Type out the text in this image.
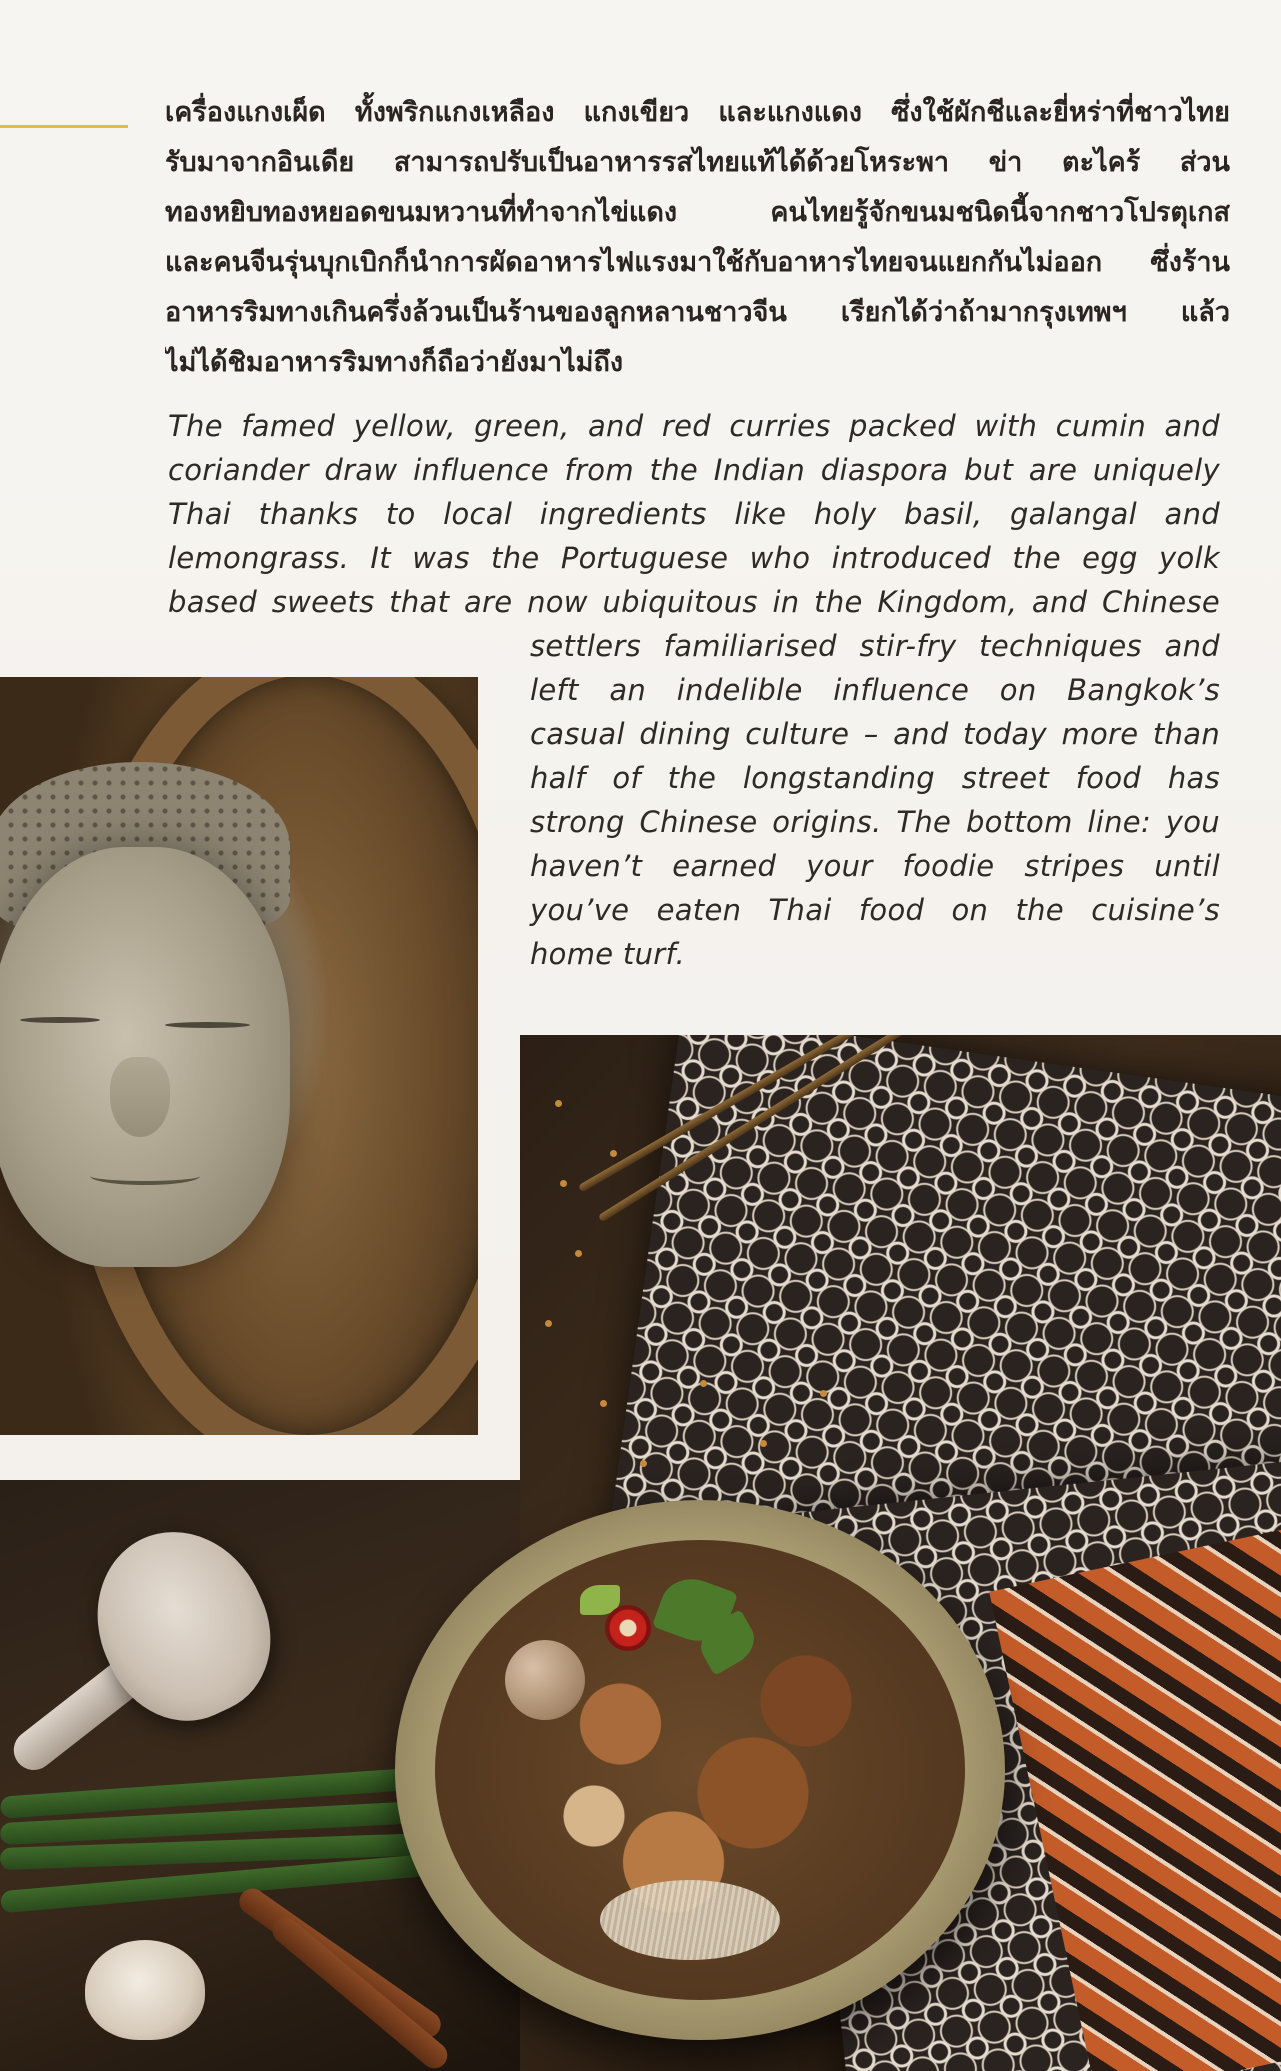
เครื่องแกงเผ็ด ทั้งพริกแกงเหลือง แกงเขียว และแกงแดง ซึ่งใช้ผักชีและยี่หร่าที่ชาวไทย
รับมาจากอินเดีย สามารถปรับเป็นอาหารรสไทยแท้ได้ด้วยโหระพา ข่า ตะไคร้ ส่วน
ทองหยิบทองหยอดขนมหวานที่ทำจากไข่แดง คนไทยรู้จักขนมชนิดนี้จากชาวโปรตุเกส
และคนจีนรุ่นบุกเบิกก็นำการผัดอาหารไฟแรงมาใช้กับอาหารไทยจนแยกกันไม่ออก ซึ่งร้าน
อาหารริมทางเกินครึ่งล้วนเป็นร้านของลูกหลานชาวจีน เรียกได้ว่าถ้ามากรุงเทพฯ แล้ว
ไม่ได้ชิมอาหารริมทางก็ถือว่ายังมาไม่ถึง
The famed yellow, green, and red curries packed with cumin and
coriander draw influence from the Indian diaspora but are uniquely
Thai thanks to local ingredients like holy basil, galangal and
lemongrass. It was the Portuguese who introduced the egg yolk
based sweets that are now ubiquitous in the Kingdom, and Chinese
settlers familiarised stir-fry techniques and
left an indelible influence on Bangkok’s
casual dining culture – and today more than
half of the longstanding street food has
strong Chinese origins. The bottom line: you
haven’t earned your foodie stripes until
you’ve eaten Thai food on the cuisine’s
home turf.
